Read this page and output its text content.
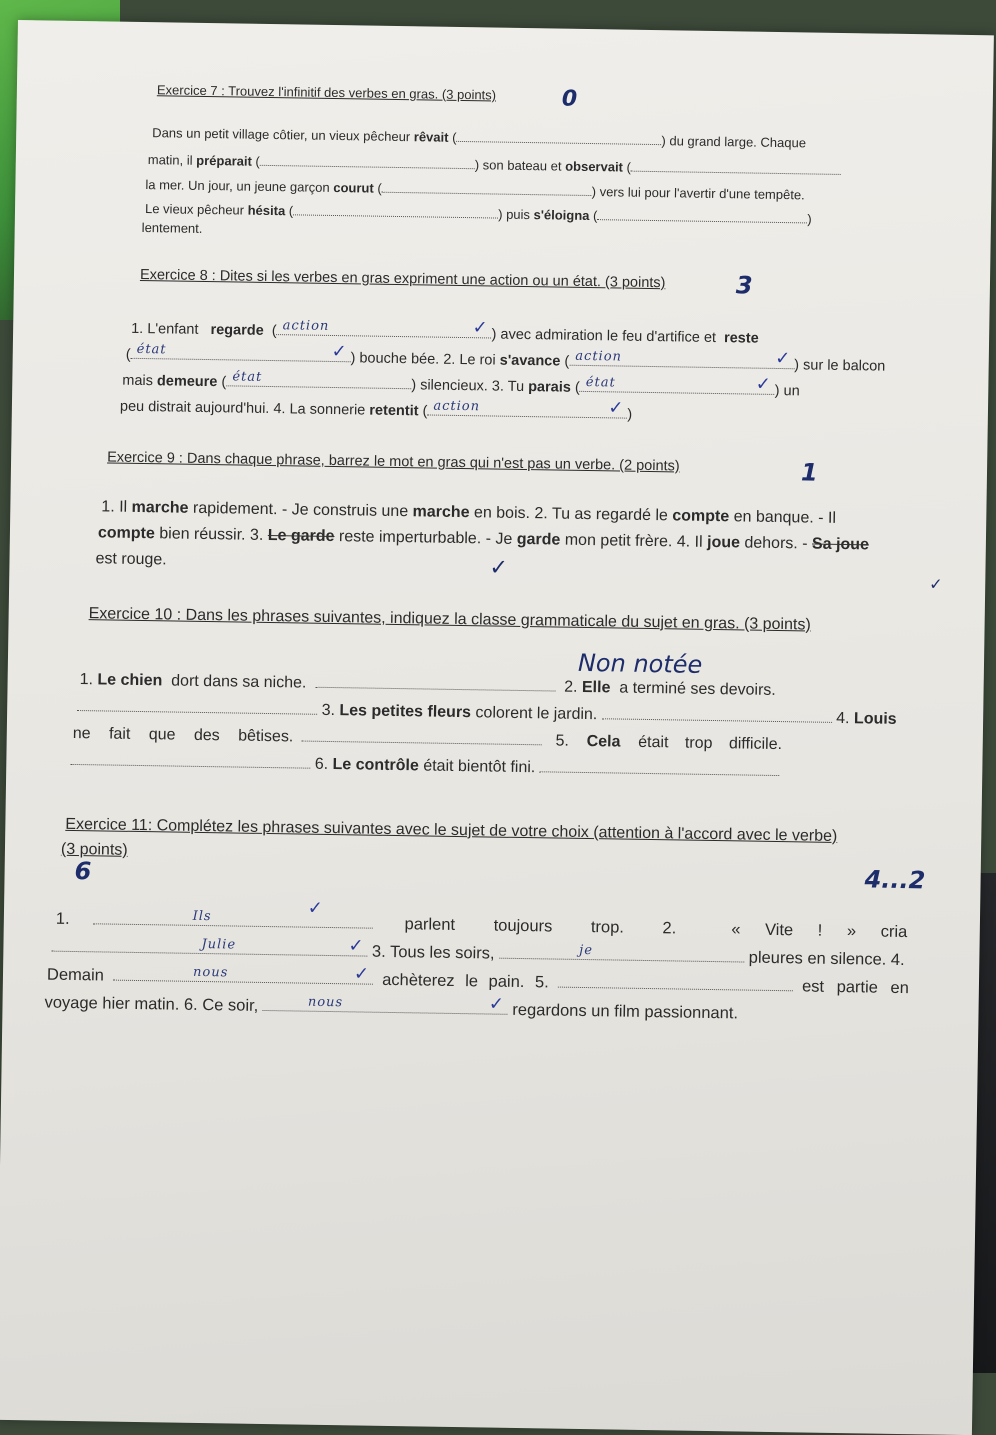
Exercice 7 : Trouvez l'infinitif des verbes en gras. (3 points)	0
Dans un petit village côtier, un vieux pêcheur rêvait (	) du grand large. Chaque
matin, il préparait (	) son bateau et observait (
la mer. Un jour, un jeune garçon courut (	) vers lui pour l'avertir d'une tempête.
Le vieux pêcheur hésita (	) puis s'éloigna (	)
lentement.
Exercice 8 : Dites si les verbes en gras expriment une action ou un état. (3 points)	3
1. L'enfant regarde ( action	✓ ) avec admiration le feu d'artifice et reste
( état	✓ ) bouche bée. 2. Le roi s'avance ( action	✓ ) sur le balcon
mais demeure ( état
) silencieux. 3. Tu parais ( état	✓ ) un
peu distrait aujourd'hui. 4. La sonnerie retentit ( action	✓ )
Exercice 9 : Dans chaque phrase, barrez le mot en gras qui n'est pas un verbe. (2 points)	1
1. Il marche rapidement. - Je construis une marche en bois. 2. Tu as regardé le compte en banque. - Il
compte bien réussir. 3. Le garde reste imperturbable. - Je garde mon petit frère. 4. Il joue dehors. - Sa joue
est rouge.	✓
✓
Exercice 10 : Dans les phrases suivantes, indiquez la classe grammaticale du sujet en gras. (3 points)
Non notée
1. Le chien dort dans sa niche.	2. Elle a terminé ses devoirs.
3. Les petites fleurs colorent le jardin.	4. Louis
ne fait que des bêtises.	5. Cela était trop difficile.
6. Le contrôle était bientôt fini.
Exercice 11: Complétez les phrases suivantes avec le sujet de votre choix (attention à l'accord avec le verbe)
(3 points)
6	4...2
1.	Ils	✓
parlent toujours trop. 2.	« Vite ! » cria
Julie	✓ 3. Tous les soirs,	je	pleures en silence. 4.
Demain	nous	✓ achèterez le pain. 5.	est partie en
voyage hier matin. 6. Ce soir,	nous	✓ regardons un film passionnant.
